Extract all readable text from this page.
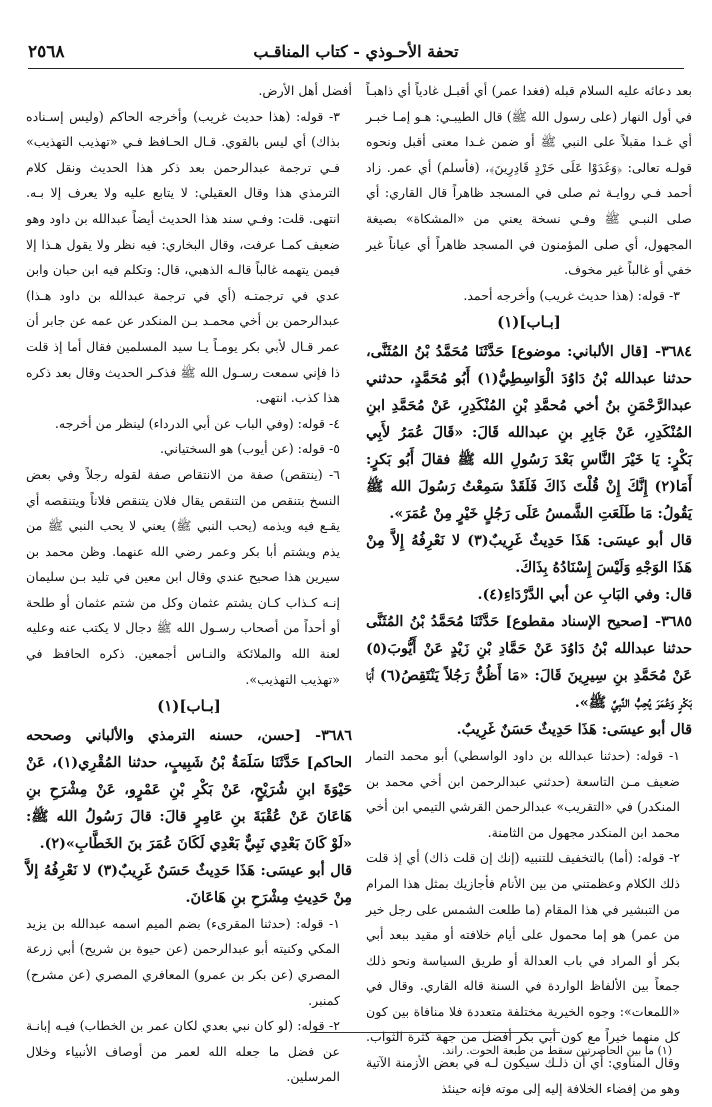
تحفة الأحـوذي - كتاب المناقـب
٢٥٦٨

بعد دعائه عليه السلام قبله (فغدا عمر) أي أقبـل غادياً أي ذاهبـاً في أول النهار (على رسول الله ﷺ) قال الطيبـي: هـو إمـا خبـر أي غـدا مقبلاً على النبي ﷺ أو ضمن غـدا معنى أقبل ونحوه قولـه تعالى: ﴿وَغَدَوْا عَلَى حَرْدٍ قَادِرِينَ﴾، (فأسلم) أي عمر. زاد أحمد فـي روايـة ثم صلى في المسجد ظاهراً قال القاري: أي صلى النبـي ﷺ وفـي نسخة يعني من «المشكاة» بصيغة المجهول، أي صلى المؤمنون في المسجد ظاهراً أي عياناً غير خفي أو غالباً غير مخوف.

٣- قوله: (هذا حديث غريب) وأخرجه أحمد.

[بـاب](١)

٣٦٨٤- [قال الألباني: موضوع] حَدَّثَنَا مُحَمَّدُ بْنُ المُثَنَّى، حدثنا عبدالله بْنُ دَاوُدَ الْوَاسِطِيُّ(١) أَبُو مُحَمَّدٍ، حدثني عبدالرَّحْمَنِ بنُ أخي مُحمَّدِ بْنِ المُنْكَدِرِ، عَنْ مُحَمَّدِ ابنِ المُنْكَدِرِ، عَنْ جَابِرِ بنِ عبدالله قَالَ: «قَالَ عُمَرُ لأَبِي بَكْرٍ: يَا خَيْرَ النَّاسِ بَعْدَ رَسُولِ الله ﷺ فقالَ أَبُو بَكرٍ: أَمَا(٢) إِنَّكَ إِنْ قُلْتَ ذَاكَ فَلَقَدْ سَمِعْتُ رَسُولَ الله ﷺ يَقُولُ: مَا طَلَعَتِ الشَّمسُ عَلَى رَجُلٍ خَيْرٍ مِنْ عُمَرَ».

قال أبو عيسَى: هَذَا حَدِيثٌ غَرِيبٌ(٣) لا نَعْرِفُهُ إِلاَّ مِنْ هَذَا الوَجْهِ وَلَيْسَ إِسْنَادُهُ بِذَاكَ.

قال: وفي البَابِ عن أبي الدَّرْدَاءِ(٤).

٣٦٨٥- [صحيح الإسناد مقطوع] حَدَّثَنَا مُحَمَّدُ بْنُ المُثَنَّى حدثنا عبدالله بْنُ دَاوُدَ عَنْ حَمَّادِ بْنِ زَيْدٍ عَنْ أَيُّوبَ(٥) عَنْ مُحَمَّدِ بنِ سِيرِينَ قَالَ: «مَا أَظُنُّ رَجُلاً يَنْتَقِصُ(٦) أَبَا بَكْرٍ وَعُمَرَ يُحِبُّ النَّبِيَّ ﷺ».

قال أبو عيسَى: هَذَا حَدِيثٌ حَسَنٌ غَرِيبٌ.

١- قوله: (حدثنا عبدالله بن داود الواسطي) أبو محمد التمار ضعيف مـن التاسعة (حدثني عبدالرحمن ابن أخي محمد بن المنكدر) في «التقريب» عبدالرحمن القرشي التيمي ابن أخي محمد ابن المنكدر مجهول من الثامنة.

٢- قوله: (أما) بالتخفيف للتنبيه (إنك إن قلت ذاك) أي إذ قلت ذلك الكلام وعظمتني من بين الأنام فأجازيك بمثل هذا المرام من التبشير في هذا المقام (ما طلعت الشمس على رجل خير من عمر) هو إما محمول على أيام خلافته أو مقيد ببعد أبي بكر أو المراد في باب العدالة أو طريق السياسة ونحو ذلك جمعاً بين الألفاظ الواردة في السنة قاله القاري. وقال في «اللمعات»: وجوه الخيرية مختلفة متعددة فلا منافاة بين كون كل منهما خيراً مع كون أبي بكر أفضل من جهة كثرة الثواب. وقال المناوي: أي أن ذلـك سيكون لـه في بعض الأزمنة الآتية وهو من إفضاء الخلافة إليه إلى موته فإنه حينئذ

أفضل أهل الأرض.

٣- قوله: (هذا حديث غريب) وأخرجه الحاكم (وليس إسـناده بذاك) أي ليس بالقوي. قـال الحـافظ فـي «تهذيب التهذيب» فـي ترجمة عبدالرحمن بعد ذكر هذا الحديث ونقل كلام الترمذي هذا وقال العقيلي: لا يتابع عليه ولا يعرف إلا بـه. انتهى. قلت: وفـي سند هذا الحديث أيضاً عبدالله بن داود وهو ضعيف كمـا عرفت، وقال البخاري: فيه نظر ولا يقول هـذا إلا فيمن يتهمه غالباً قالـه الذهبي، قال: وتكلم فيه ابن حبان وابن عدي في ترجمتـه (أي في ترجمة عبدالله بن داود هـذا) عبدالرحمن بن أخي محمـد بـن المنكدر عن عمه عن جابر أن عمر قـال لأبي بكر يومـاً يـا سيد المسلمين فقال أما إذ قلت ذا فإني سمعت رسـول الله ﷺ فذكـر الحديث وقال بعد ذكره هذا كذب. انتهى.

٤- قوله: (وفي الباب عن أبي الدرداء) لينظر من أخرجه.

٥- قوله: (عن أيوب) هو السختياني.

٦- (ينتقص) صفة من الانتقاص صفة لقوله رجلاً وفي بعض النسخ بتنقص من التنقص يقال فلان يتنقص فلاناً ويتنقصه أي يقـع فيه ويذمه (يحب النبي ﷺ) يعني لا يحب النبي ﷺ من يذم ويشتم أبا بكر وعمر رضي الله عنهما. وظن محمد بن سيرين هذا صحيح عندي وقال ابن معين في تليد بـن سليمان إنـه كـذاب كـان يشتم عثمان وكل من شتم عثمان أو طلحة أو أحداً من أصحاب رسـول الله ﷺ دجال لا يكتب عنه وعليه لعنة الله والملائكة والنـاس أجمعين. ذكره الحافظ في «تهذيب التهذيب».

[بـاب](١)

٣٦٨٦- [حسن، حسنه الترمذي والألباني وصححه الحاكم] حَدَّثَنَا سَلَمَةُ بْنُ شَبِيبٍ، حدثنا المُقْرِي(١)، عَنْ حَيْوَةَ ابنِ شُرَيْحٍ، عَنْ بَكْرِ بْنِ عَمْرٍو، عَنْ مِشْرَحِ بنِ هَاعَانَ عَنْ عُقْبَةَ بنِ عَامِرٍ قالَ: قالَ رَسُولُ الله ﷺ: «لَوْ كَانَ بَعْدِي نَبِيٌّ بَعْدِي لَكَانَ عُمَرَ بنَ الخَطَّابِ»(٢).

قال أبو عيسَى: هَذَا حَدِيثٌ حَسَنٌ غَرِيبٌ(٣) لا نَعْرِفُهُ إلاَّ مِنْ حَدِيثِ مِشْرَحِ بنِ هَاعَانَ.

١- قوله: (حدثنا المقرىء) بضم الميم اسمه عبدالله بن يزيد المكي وكنيته أبو عبدالرحمن (عن حيوة بن شريح) أبي زرعة المصري (عن بكر بن عمرو) المعافري المصري (عن مشرح) كمنبر.

٢- قوله: (لو كان نبي بعدي لكان عمر بن الخطاب) فيـه إبانـة عن فضل ما جعله الله لعمر من أوصاف الأنبياء وخلال المرسلين.

(١) ما بين الحاصرتين سقط من طبعة الحوت. راند.
